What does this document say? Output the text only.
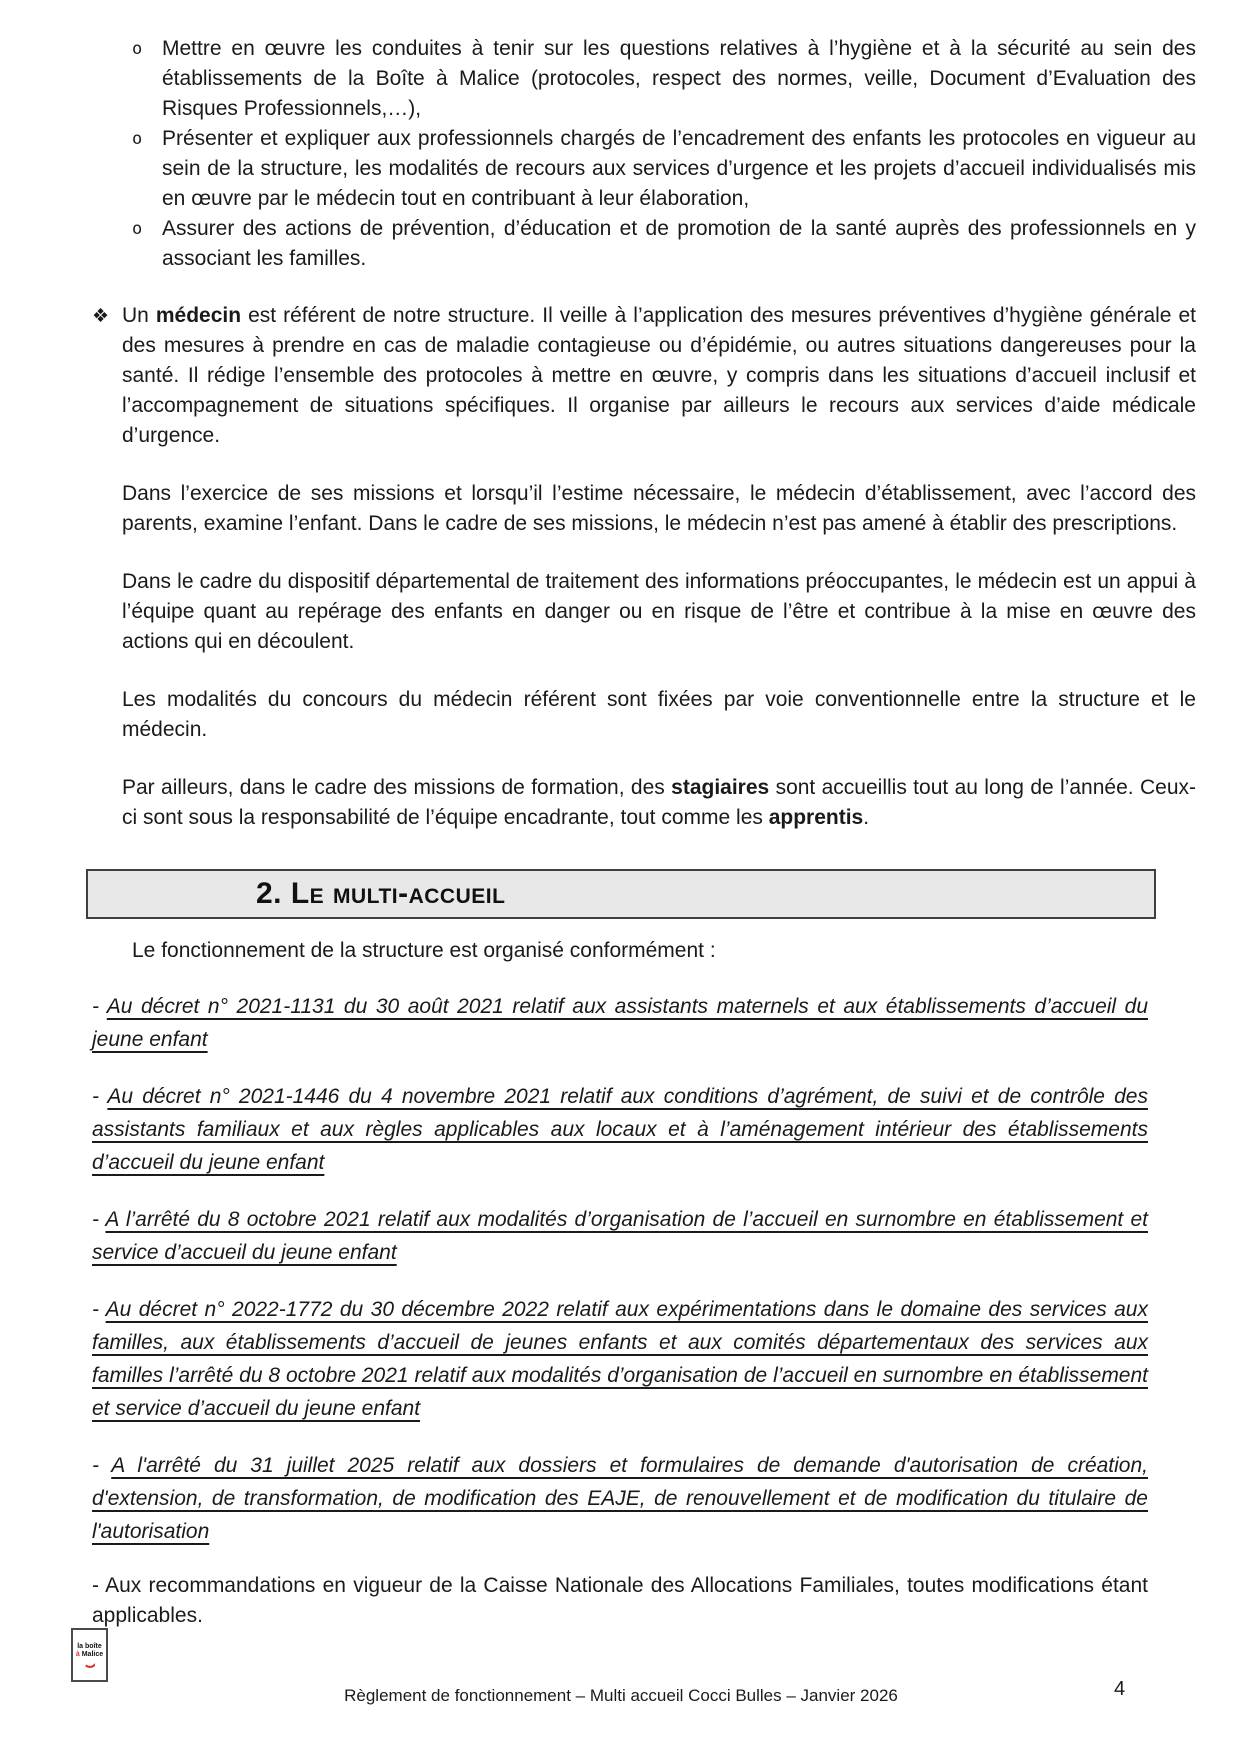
o Mettre en œuvre les conduites à tenir sur les questions relatives à l’hygiène et à la sécurité au sein des établissements de la Boîte à Malice (protocoles, respect des normes, veille, Document d’Evaluation des Risques Professionnels,…),
o Présenter et expliquer aux professionnels chargés de l’encadrement des enfants les protocoles en vigueur au sein de la structure, les modalités de recours aux services d’urgence et les projets d’accueil individualisés mis en œuvre par le médecin tout en contribuant à leur élaboration,
o Assurer des actions de prévention, d’éducation et de promotion de la santé auprès des professionnels en y associant les familles.
❖ Un médecin est référent de notre structure. Il veille à l’application des mesures préventives d’hygiène générale et des mesures à prendre en cas de maladie contagieuse ou d’épidémie, ou autres situations dangereuses pour la santé. Il rédige l’ensemble des protocoles à mettre en œuvre, y compris dans les situations d’accueil inclusif et l’accompagnement de situations spécifiques. Il organise par ailleurs le recours aux services d’aide médicale d’urgence.

Dans l’exercice de ses missions et lorsqu’il l’estime nécessaire, le médecin d’établissement, avec l’accord des parents, examine l’enfant. Dans le cadre de ses missions, le médecin n’est pas amené à établir des prescriptions.

Dans le cadre du dispositif départemental de traitement des informations préoccupantes, le médecin est un appui à l’équipe quant au repérage des enfants en danger ou en risque de l’être et contribue à la mise en œuvre des actions qui en découlent.

Les modalités du concours du médecin référent sont fixées par voie conventionnelle entre la structure et le médecin.

Par ailleurs, dans le cadre des missions de formation, des stagiaires sont accueillis tout au long de l’année. Ceux-ci sont sous la responsabilité de l’équipe encadrante, tout comme les apprentis.

2. Le multi-accueil

Le fonctionnement de la structure est organisé conformément :

- Au décret n° 2021-1131 du 30 août 2021 relatif aux assistants maternels et aux établissements d’accueil du jeune enfant

- Au décret n° 2021-1446 du 4 novembre 2021 relatif aux conditions d’agrément, de suivi et de contrôle des assistants familiaux et aux règles applicables aux locaux et à l’aménagement intérieur des établissements d’accueil du jeune enfant

- A l’arrêté du 8 octobre 2021 relatif aux modalités d’organisation de l’accueil en surnombre en établissement et service d’accueil du jeune enfant

- Au décret n° 2022-1772 du 30 décembre 2022 relatif aux expérimentations dans le domaine des services aux familles, aux établissements d’accueil de jeunes enfants et aux comités départementaux des services aux familles l’arrêté du 8 octobre 2021 relatif aux modalités d’organisation de l’accueil en surnombre en établissement et service d’accueil du jeune enfant

- A l'arrêté du 31 juillet 2025 relatif aux dossiers et formulaires de demande d'autorisation de création, d'extension, de transformation, de modification des EAJE, de renouvellement et de modification du titulaire de l'autorisation

- Aux recommandations en vigueur de la Caisse Nationale des Allocations Familiales, toutes modifications étant applicables.

la boîte
à Malice
Règlement de fonctionnement – Multi accueil Cocci Bulles – Janvier 2026	4
